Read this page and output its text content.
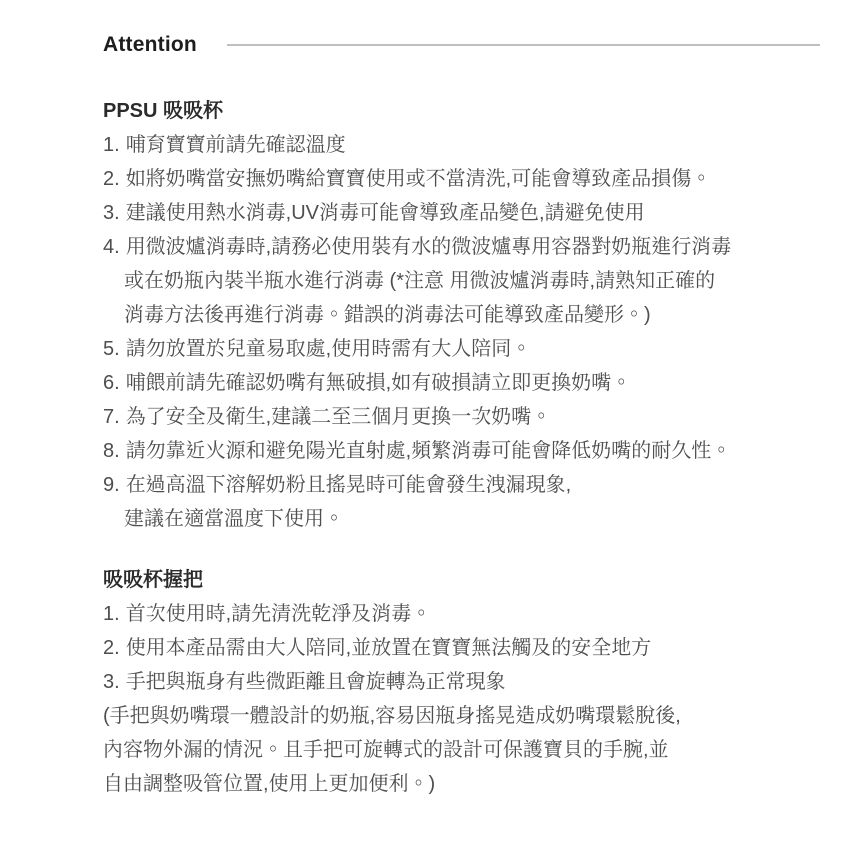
Attention
PPSU 吸吸杯
1. 哺育寶寶前請先確認溫度
2. 如將奶嘴當安撫奶嘴給寶寶使用或不當清洗,可能會導致產品損傷。
3. 建議使用熱水消毒,UV消毒可能會導致產品變色,請避免使用
4. 用微波爐消毒時,請務必使用裝有水的微波爐專用容器對奶瓶進行消毒
或在奶瓶內裝半瓶水進行消毒 (*注意 用微波爐消毒時,請熟知正確的
消毒方法後再進行消毒。錯誤的消毒法可能導致產品變形。)
5. 請勿放置於兒童易取處,使用時需有大人陪同。
6. 哺餵前請先確認奶嘴有無破損,如有破損請立即更換奶嘴。
7. 為了安全及衛生,建議二至三個月更換一次奶嘴。
8. 請勿靠近火源和避免陽光直射處,頻繁消毒可能會降低奶嘴的耐久性。
9. 在過高溫下溶解奶粉且搖晃時可能會發生洩漏現象,
建議在適當溫度下使用。
吸吸杯握把
1. 首次使用時,請先清洗乾淨及消毒。
2. 使用本產品需由大人陪同,並放置在寶寶無法觸及的安全地方
3. 手把與瓶身有些微距離且會旋轉為正常現象
(手把與奶嘴環一體設計的奶瓶,容易因瓶身搖晃造成奶嘴環鬆脫後,
內容物外漏的情況。且手把可旋轉式的設計可保護寶貝的手腕,並
自由調整吸管位置,使用上更加便利。)
